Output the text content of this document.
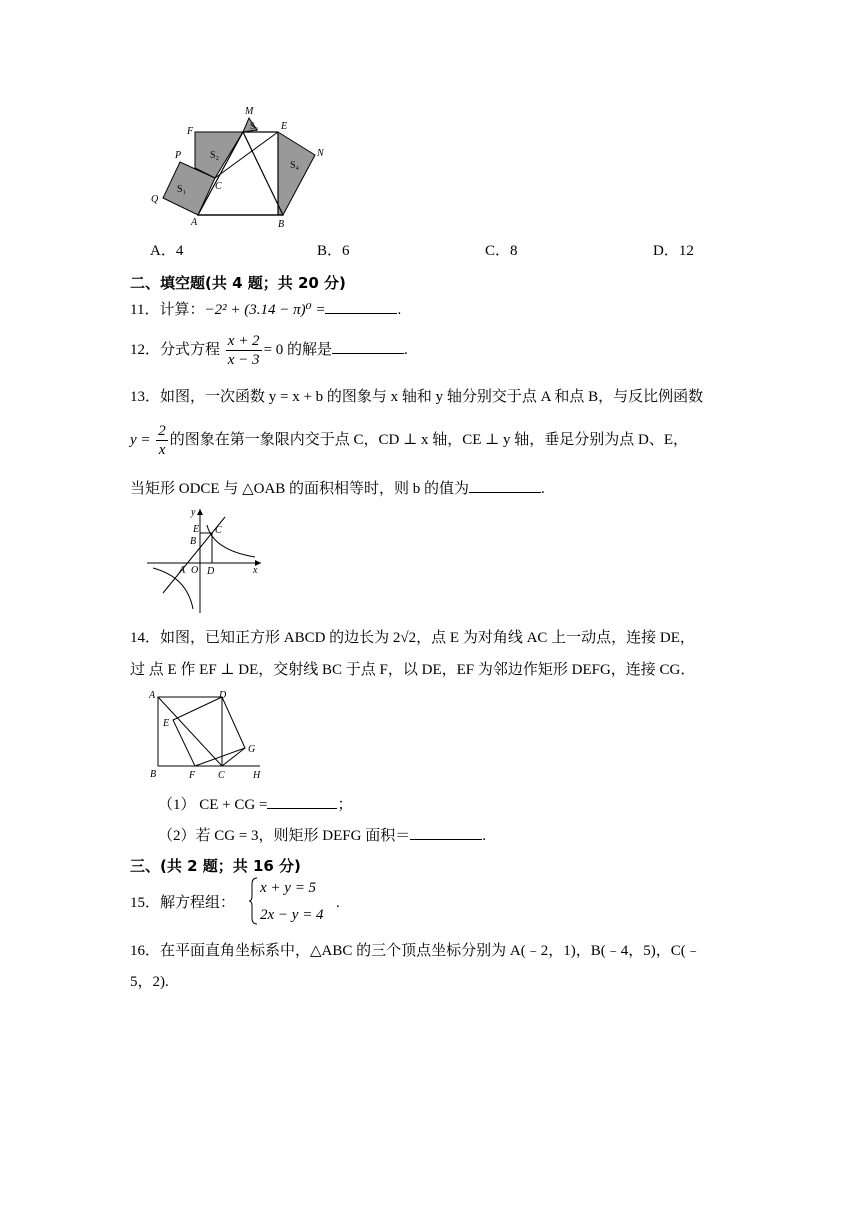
M
E
F	S₃
P	S₂	N
S₄
S₁	C
Q
A	B
A．4	B．6	C．8	D．12
二、填空题(共 4 题；共 20 分)
11．计算：−2² + (3.14 − π)⁰ =	.
12．分式方程 $\frac{x + 2}{x - 3} = 0$ 的解是	.
13．如图，一次函数 y = x + b 的图象与 x 轴和 y 轴分别交于点 A 和点 B，与反比例函数
$y = \frac{2}{x}$ 的图象在第一象限内交于点 C，CD ⊥ x 轴，CE ⊥ y 轴，垂足分别为点 D、E，
当矩形 ODCE 与 △OAB 的面积相等时，则 b 的值为	.
y
E C
B
A O D	x
14．如图，已知正方形 ABCD 的边长为 2√2，点 E 为对角线 AC 上一动点，连接 DE，
过 点 E 作 EF ⊥ DE，交射线 BC 于点 F，以 DE，EF 为邻边作矩形 DEFG，连接 CG．
A	D
E
G
B	F C	H
（1） CE + CG =	；
（2）若 CG = 3，则矩形 DEFG 面积＝	.
三、(共 2 题；共 16 分)
15．解方程组：
x + y = 5
2x − y = 4
.
16．在平面直角坐标系中，△ABC 的三个顶点坐标分别为 A(﹣2，1)，B(﹣4，5)，C(﹣
5，2).
